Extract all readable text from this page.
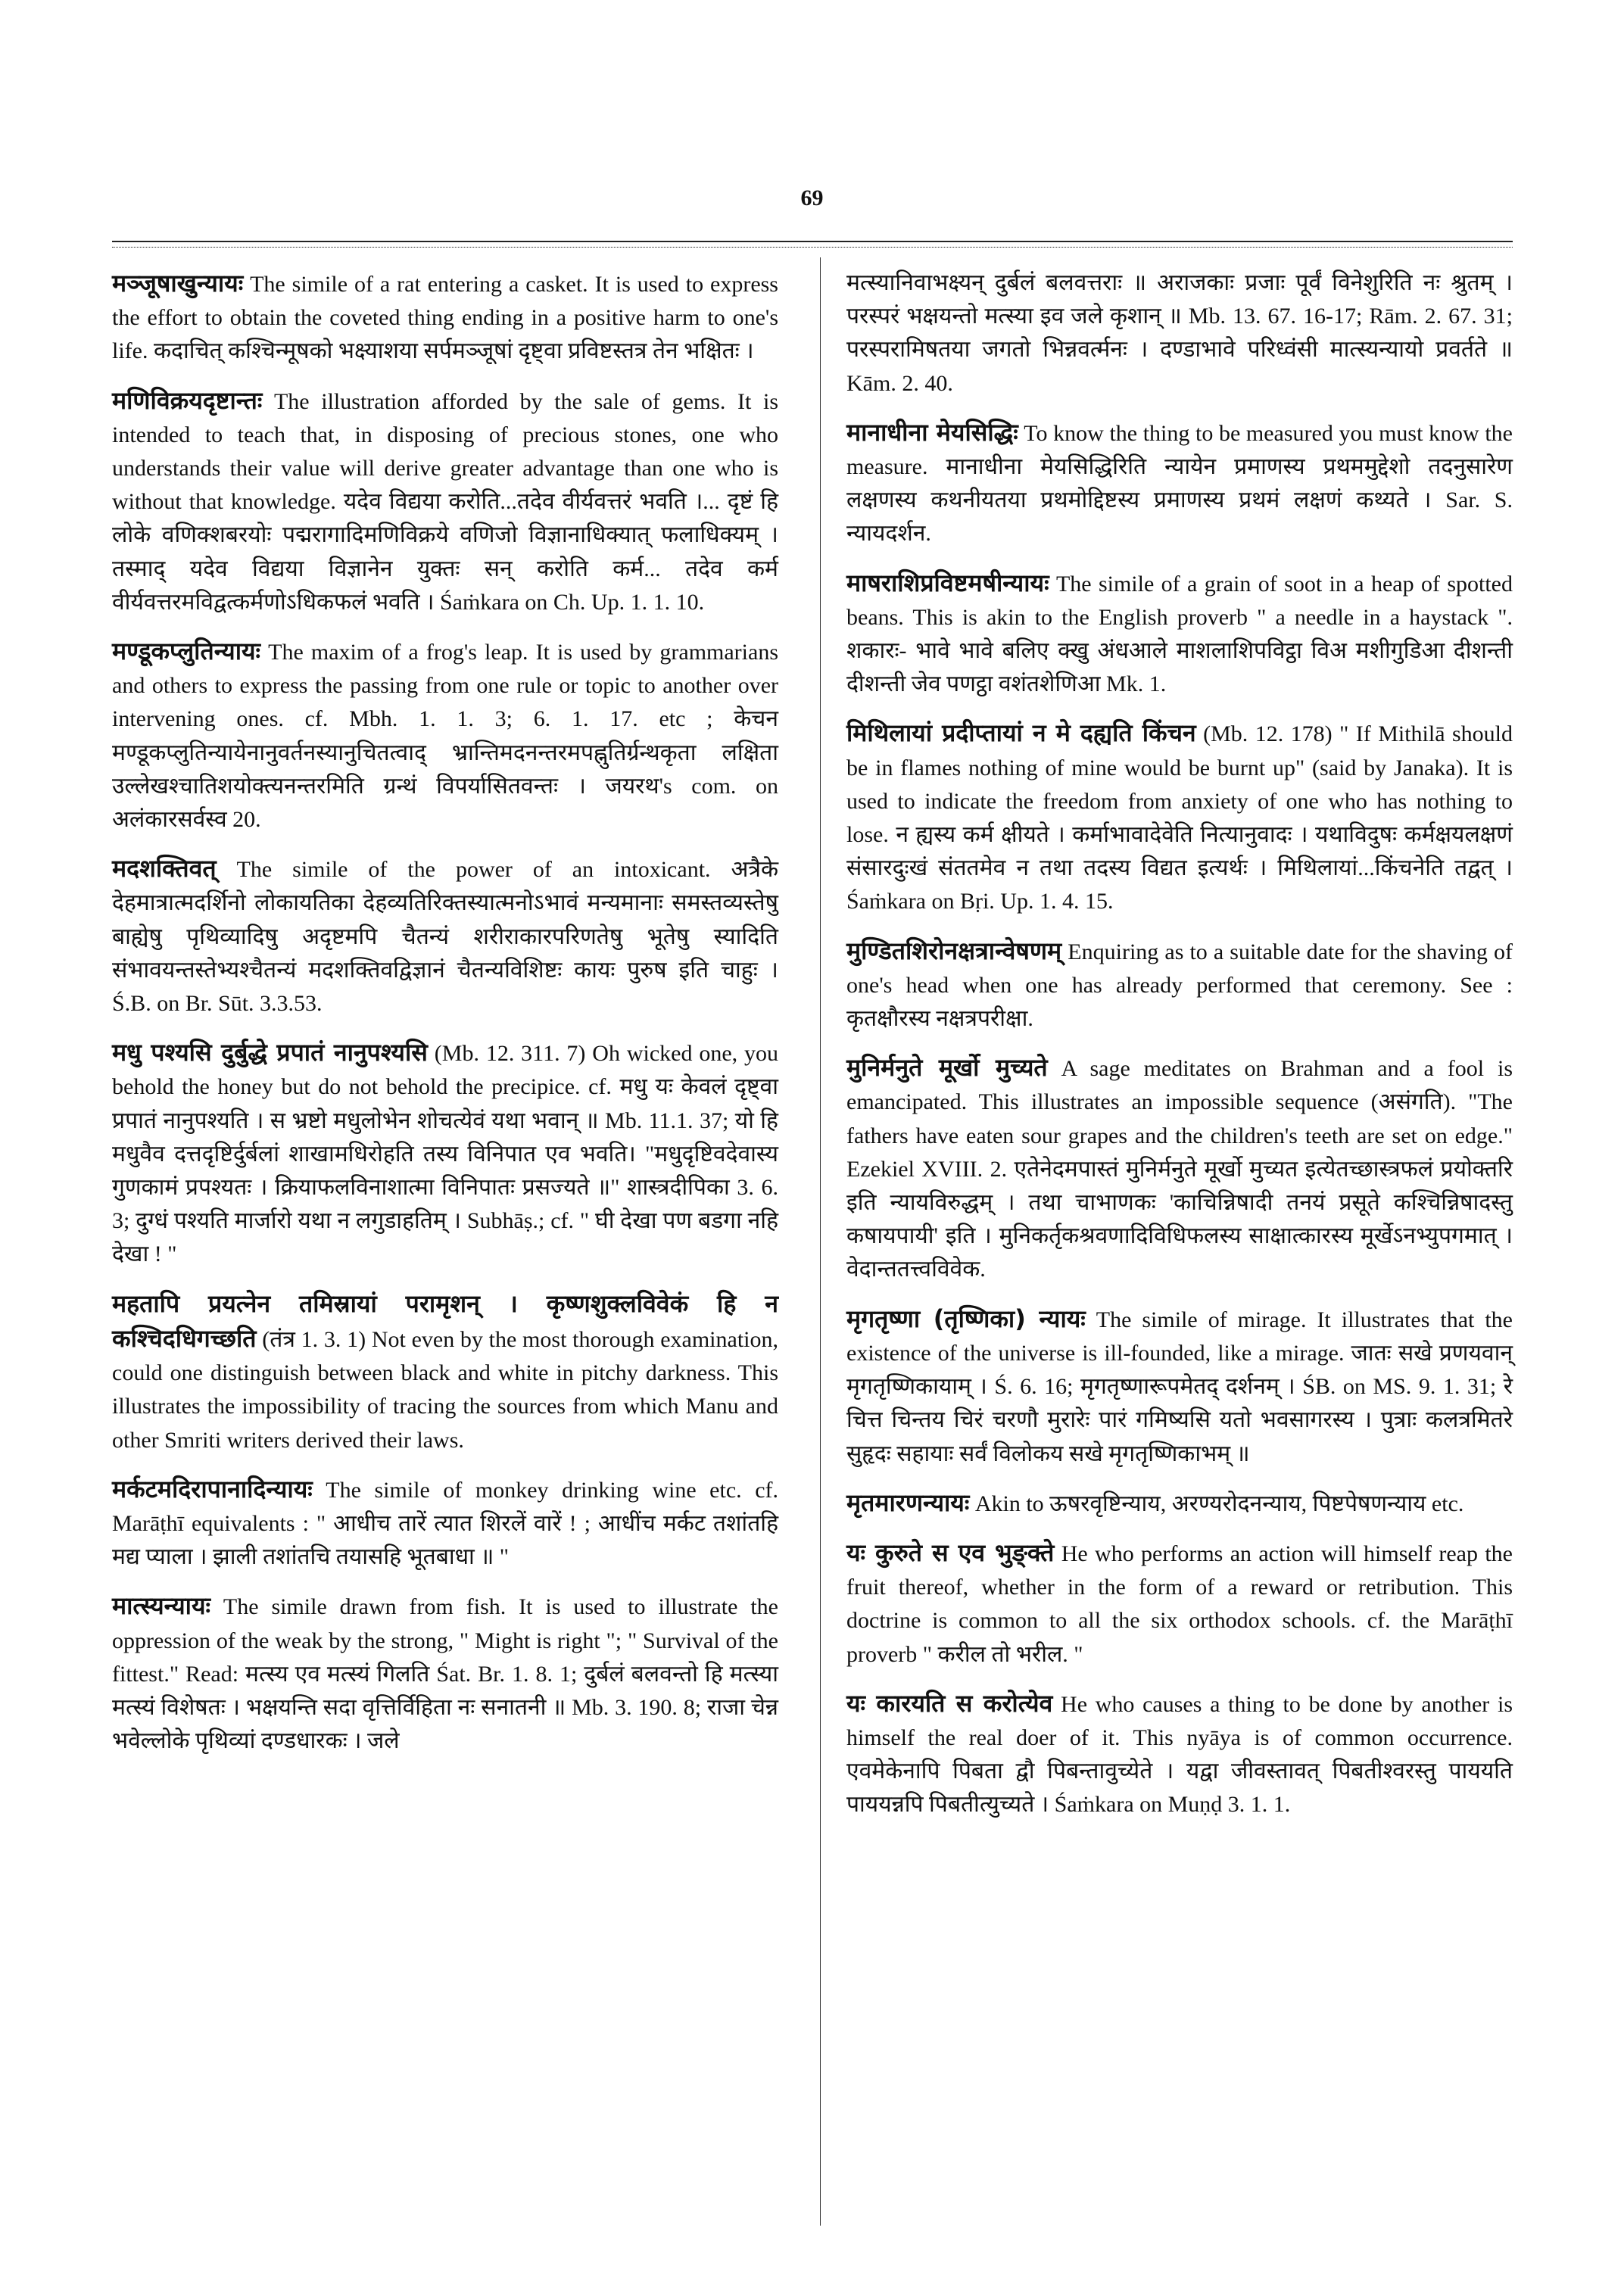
69

मञ्जूषाखुन्यायः The simile of a rat entering a casket. It is used to express the effort to obtain the coveted thing ending in a positive harm to one's life. कदाचित् कश्चिन्मूषको भक्ष्याशया सर्पमञ्जूषां दृष्ट्वा प्रविष्टस्तत्र तेन भक्षितः ।

मणिविक्रयदृष्टान्तः The illustration afforded by the sale of gems. It is intended to teach that, in disposing of precious stones, one who understands their value will derive greater advantage than one who is without that knowledge. यदेव विद्यया करोति...तदेव वीर्यवत्तरं भवति ।... दृष्टं हि लोके वणिक्शबरयोः पद्मरागादिमणिविक्रये वणिजो विज्ञानाधिक्यात् फलाधिक्यम् । तस्माद् यदेव विद्यया विज्ञानेन युक्तः सन् करोति कर्म... तदेव कर्म वीर्यवत्तरमविद्वत्कर्मणोऽधिकफलं भवति । Śaṁkara on Ch. Up. 1. 1. 10.

मण्डूकप्लुतिन्यायः The maxim of a frog's leap. It is used by grammarians and others to express the passing from one rule or topic to another over intervening ones. cf. Mbh. 1. 1. 3; 6. 1. 17. etc ; केचन मण्डूकप्लुतिन्यायेनानुवर्तनस्यानुचितत्वाद् भ्रान्तिमदनन्तरमपह्नुतिर्ग्रन्थकृता लक्षिता उल्लेखश्चातिशयोक्त्यनन्तरमिति ग्रन्थं विपर्यासितवन्तः । जयरथ's com. on अलंकारसर्वस्व 20.

मदशक्तिवत् The simile of the power of an intoxicant. अत्रैके देहमात्रात्मदर्शिनो लोकायतिका देहव्यतिरिक्तस्यात्मनोऽभावं मन्यमानाः समस्तव्यस्तेषु बाह्येषु पृथिव्यादिषु अदृष्टमपि चैतन्यं शरीराकारपरिणतेषु भूतेषु स्यादिति संभावयन्तस्तेभ्यश्चैतन्यं मदशक्तिवद्विज्ञानं चैतन्यविशिष्टः कायः पुरुष इति चाहुः । Ś.B. on Br. Sūt. 3.3.53.

मधु पश्यसि दुर्बुद्धे प्रपातं नानुपश्यसि (Mb. 12. 311. 7) Oh wicked one, you behold the honey but do not behold the precipice. cf. मधु यः केवलं दृष्ट्वा प्रपातं नानुपश्यति । स भ्रष्टो मधुलोभेन शोचत्येवं यथा भवान् ॥ Mb. 11.1. 37; यो हि मधुवैव दत्तदृष्टिर्दुर्बलां शाखामधिरोहति तस्य विनिपात एव भवति। "मधुदृष्टिवदेवास्य गुणकामं प्रपश्यतः । क्रियाफलविनाशात्मा विनिपातः प्रसज्यते ॥" शास्त्रदीपिका 3. 6. 3; दुग्धं पश्यति मार्जारो यथा न लगुडाहतिम् । Subhāṣ.; cf. " घी देखा पण बडगा नहि देखा ! "

महतापि प्रयत्नेन तमिस्रायां परामृशन् । कृष्णशुक्लविवेकं हि न कश्चिदधिगच्छति (तंत्र 1. 3. 1) Not even by the most thorough examination, could one distinguish between black and white in pitchy darkness. This illustrates the impossibility of tracing the sources from which Manu and other Smriti writers derived their laws.

मर्कटमदिरापानादिन्यायः The simile of monkey drinking wine etc. cf. Marāṭhī equivalents : " आधीच तारें त्यात शिरलें वारें ! ; आधींच मर्कट तशांतहि मद्य प्याला । झाली तशांतचि तयासहि भूतबाधा ॥ "

मात्स्यन्यायः The simile drawn from fish. It is used to illustrate the oppression of the weak by the strong, " Might is right "; " Survival of the fittest." Read: मत्स्य एव मत्स्यं गिलति Śat. Br. 1. 8. 1; दुर्बलं बलवन्तो हि मत्स्या मत्स्यं विशेषतः । भक्षयन्ति सदा वृत्तिर्विहिता नः सनातनी ॥ Mb. 3. 190. 8; राजा चेन्न भवेल्लोके पृथिव्यां दण्डधारकः । जले

मत्स्यानिवाभक्ष्यन् दुर्बलं बलवत्तराः ॥ अराजकाः प्रजाः पूर्वं विनेशुरिति नः श्रुतम् । परस्परं भक्षयन्तो मत्स्या इव जले कृशान् ॥ Mb. 13. 67. 16-17; Rām. 2. 67. 31; परस्परामिषतया जगतो भिन्नवर्त्मनः । दण्डाभावे परिध्वंसी मात्स्यन्यायो प्रवर्तते ॥ Kām. 2. 40.

मानाधीना मेयसिद्धिः To know the thing to be measured you must know the measure. मानाधीना मेयसिद्धिरिति न्यायेन प्रमाणस्य प्रथममुद्देशो तदनुसारेण लक्षणस्य कथनीयतया प्रथमोद्दिष्टस्य प्रमाणस्य प्रथमं लक्षणं कथ्यते । Sar. S. न्यायदर्शन.

माषराशिप्रविष्टमषीन्यायः The simile of a grain of soot in a heap of spotted beans. This is akin to the English proverb " a needle in a haystack ". शकारः- भावे भावे बलिए क्खु अंधआले माशलाशिपविट्ठा विअ मशीगुडिआ दीशन्ती दीशन्ती जेव पणट्ठा वशंतशेणिआ Mk. 1.

मिथिलायां प्रदीप्तायां न मे दह्यति किंचन (Mb. 12. 178) " If Mithilā should be in flames nothing of mine would be burnt up" (said by Janaka). It is used to indicate the freedom from anxiety of one who has nothing to lose. न ह्यस्य कर्म क्षीयते । कर्माभावादेवेति नित्यानुवादः । यथाविदुषः कर्मक्षयलक्षणं संसारदुःखं संततमेव न तथा तदस्य विद्यत इत्यर्थः । मिथिलायां...किंचनेति तद्वत् । Śaṁkara on Bṛi. Up. 1. 4. 15.

मुण्डितशिरोनक्षत्रान्वेषणम् Enquiring as to a suitable date for the shaving of one's head when one has already performed that ceremony. See : कृतक्षौरस्य नक्षत्रपरीक्षा.

मुनिर्मनुते मूर्खो मुच्यते A sage meditates on Brahman and a fool is emancipated. This illustrates an impossible sequence (असंगति). "The fathers have eaten sour grapes and the children's teeth are set on edge." Ezekiel XVIII. 2. एतेनेदमपास्तं मुनिर्मनुते मूर्खो मुच्यत इत्येतच्छास्त्रफलं प्रयोक्तरि इति न्यायविरुद्धम् । तथा चाभाणकः 'काचिन्निषादी तनयं प्रसूते कश्चिन्निषादस्तु कषायपायी' इति । मुनिकर्तृकश्रवणादिविधिफलस्य साक्षात्कारस्य मूर्खेऽनभ्युपगमात् । वेदान्ततत्त्वविवेक.

मृगतृष्णा (तृष्णिका) न्यायः The simile of mirage. It illustrates that the existence of the universe is ill-founded, like a mirage. जातः सखे प्रणयवान् मृगतृष्णिकायाम् । Ś. 6. 16; मृगतृष्णारूपमेतद् दर्शनम् । ŚB. on MS. 9. 1. 31; रे चित्त चिन्तय चिरं चरणौ मुरारेः पारं गमिष्यसि यतो भवसागरस्य । पुत्राः कलत्रमितरे सुहृदः सहायाः सर्वं विलोकय सखे मृगतृष्णिकाभम् ॥

मृतमारणन्यायः Akin to ऊषरवृष्टिन्याय, अरण्यरोदनन्याय, पिष्टपेषणन्याय etc.

यः कुरुते स एव भुङ्क्ते He who performs an action will himself reap the fruit thereof, whether in the form of a reward or retribution. This doctrine is common to all the six orthodox schools. cf. the Marāṭhī proverb " करील तो भरील. "

यः कारयति स करोत्येव He who causes a thing to be done by another is himself the real doer of it. This nyāya is of common occurrence. एवमेकेनापि पिबता द्वौ पिबन्तावुच्येते । यद्वा जीवस्तावत् पिबतीश्वरस्तु पाययति पाययन्नपि पिबतीत्युच्यते । Śaṁkara on Muṇḍ 3. 1. 1.
